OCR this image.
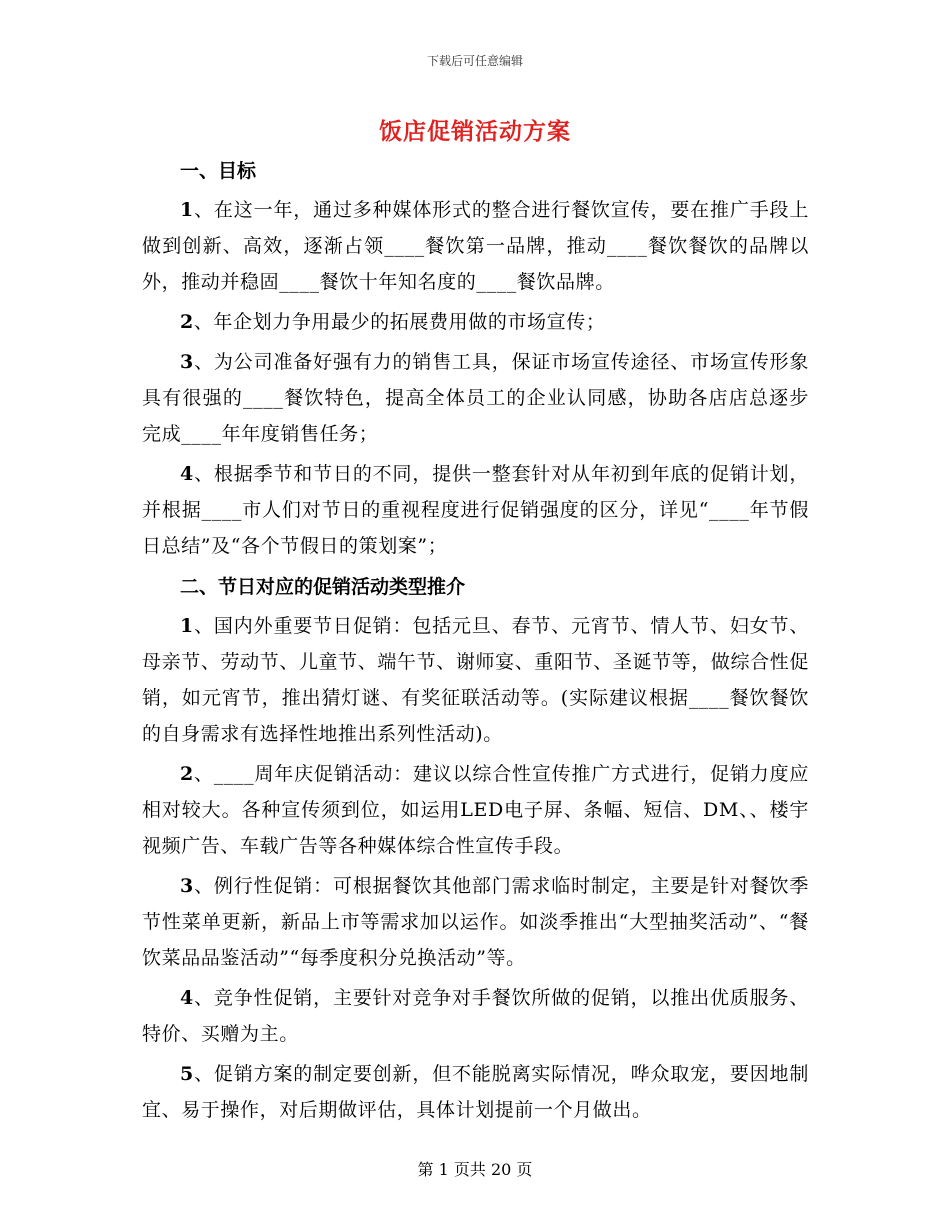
下载后可任意编辑
饭店促销活动方案
一、目标

1、在这一年，通过多种媒体形式的整合进行餐饮宣传，要在推广手段上做到创新、高效，逐渐占领____餐饮第一品牌，推动____餐饮餐饮的品牌以外，推动并稳固____餐饮十年知名度的____餐饮品牌。

2、年企划力争用最少的拓展费用做的市场宣传；

3、为公司准备好强有力的销售工具，保证市场宣传途径、市场宣传形象具有很强的____餐饮特色，提高全体员工的企业认同感，协助各店店总逐步完成____年年度销售任务；

4、根据季节和节日的不同，提供一整套针对从年初到年底的促销计划，并根据____市人们对节日的重视程度进行促销强度的区分，详见“____年节假日总结”及“各个节假日的策划案”；

二、节日对应的促销活动类型推介

1、国内外重要节日促销：包括元旦、春节、元宵节、情人节、妇女节、母亲节、劳动节、儿童节、端午节、谢师宴、重阳节、圣诞节等，做综合性促销，如元宵节，推出猜灯谜、有奖征联活动等。(实际建议根据____餐饮餐饮的自身需求有选择性地推出系列性活动)。

2、____周年庆促销活动：建议以综合性宣传推广方式进行，促销力度应相对较大。各种宣传须到位，如运用LED电子屏、条幅、短信、DM、、楼宇视频广告、车载广告等各种媒体综合性宣传手段。

3、例行性促销：可根据餐饮其他部门需求临时制定，主要是针对餐饮季节性菜单更新，新品上市等需求加以运作。如淡季推出“大型抽奖活动”、“餐饮菜品品鉴活动”“每季度积分兑换活动”等。

4、竞争性促销，主要针对竞争对手餐饮所做的促销，以推出优质服务、特价、买赠为主。

5、促销方案的制定要创新，但不能脱离实际情况，哗众取宠，要因地制宜、易于操作，对后期做评估，具体计划提前一个月做出。

第 1 页共 20 页
